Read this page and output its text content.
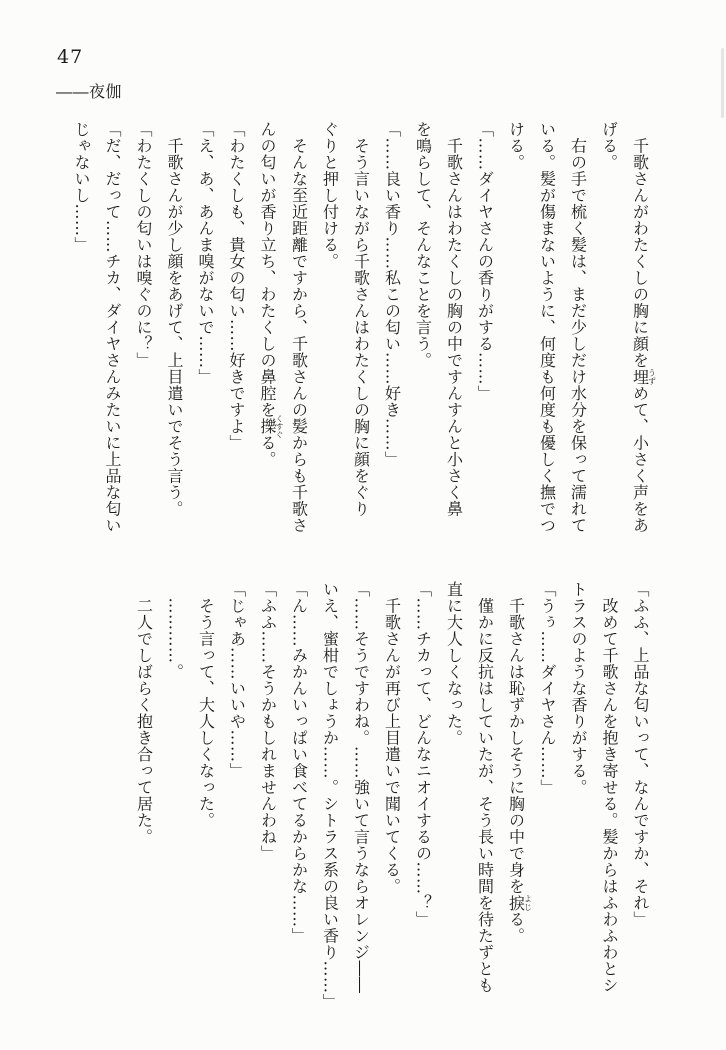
47
――夜伽

　千歌さんがわたくしの胸に顔を埋うずめて、小さく声をあ

げる。

　右の手で梳く髪は、まだ少しだけ水分を保って濡れて

いる。髪が傷まないように、何度も何度も優しく撫でつ

ける。

「……ダイヤさんの香りがする……」

　千歌さんはわたくしの胸の中ですんすんと小さく鼻

を鳴らして、そんなことを言う。

「……良い香り……私この匂い……好き……」

　そう言いながら千歌さんはわたくしの胸に顔をぐり

ぐりと押し付ける。

　そんな至近距離ですから、千歌さんの髪からも千歌さ

んの匂いが香り立ち、わたくしの鼻腔を擽くすぐる。

「わたくしも、貴女の匂い……好きですよ」

「え、あ、あんま嗅がないで……」

　千歌さんが少し顔をあげて、上目遣いでそう言う。

「わたくしの匂いは嗅ぐのに？」

「だ、だって……チカ、ダイヤさんみたいに上品な匂い

じゃないし……」

「ふふ、上品な匂いって、なんですか、それ」

　改めて千歌さんを抱き寄せる。髪からはふわふわとシ

トラスのような香りがする。

「うぅ……ダイヤさん……」

　千歌さんは恥ずかしそうに胸の中で身を捩よじる。

　僅かに反抗はしていたが、そう長い時間を待たずとも

直に大人しくなった。

「……チカって、どんなニオイするの……？」

　千歌さんが再び上目遣いで聞いてくる。

「……そうですわね。……強いて言うならオレンジ――

いえ、蜜柑でしょうか……。シトラス系の良い香り……」

「ん……みかんいっぱい食べてるからかな……」

「ふふ……そうかもしれませんわね」

「じゃあ……いいや……」

　そう言って、大人しくなった。

　…………。

　二人でしばらく抱き合って居た。
